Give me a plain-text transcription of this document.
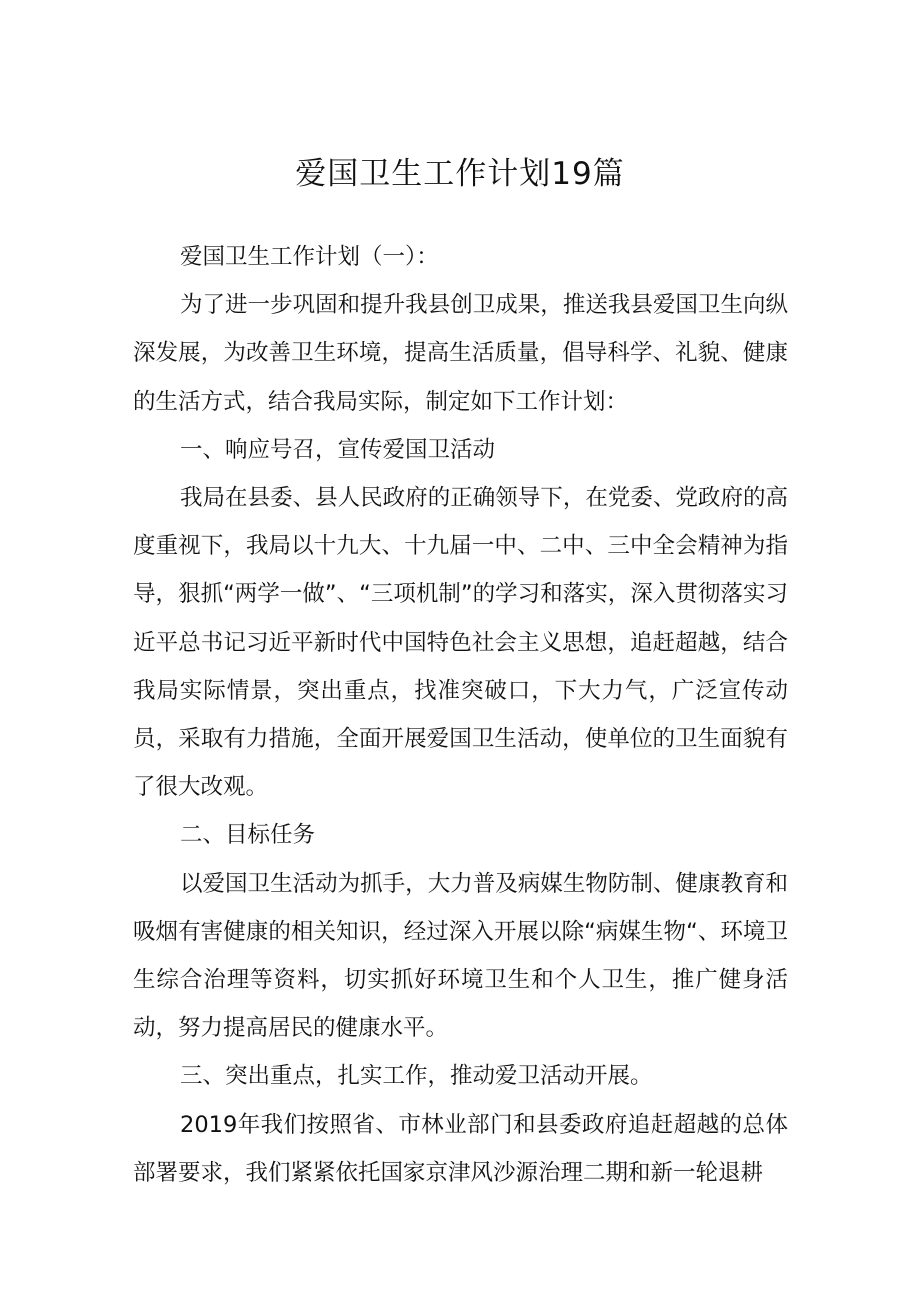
爱国卫生工作计划19篇

爱国卫生工作计划（一）：

为了进一步巩固和提升我县创卫成果，推送我县爱国卫生向纵深发展，为改善卫生环境，提高生活质量，倡导科学、礼貌、健康的生活方式，结合我局实际，制定如下工作计划：

一、响应号召，宣传爱国卫活动

我局在县委、县人民政府的正确领导下，在党委、党政府的高度重视下，我局以十九大、十九届一中、二中、三中全会精神为指导，狠抓“两学一做”、“三项机制”的学习和落实，深入贯彻落实习近平总书记习近平新时代中国特色社会主义思想，追赶超越，结合我局实际情景，突出重点，找准突破口，下大力气，广泛宣传动员，采取有力措施，全面开展爱国卫生活动，使单位的卫生面貌有了很大改观。

二、目标任务

以爱国卫生活动为抓手，大力普及病媒生物防制、健康教育和吸烟有害健康的相关知识，经过深入开展以除“病媒生物“、环境卫生综合治理等资料，切实抓好环境卫生和个人卫生，推广健身活动，努力提高居民的健康水平。

三、突出重点，扎实工作，推动爱卫活动开展。

2019年我们按照省、市林业部门和县委政府追赶超越的总体部署要求，我们紧紧依托国家京津风沙源治理二期和新一轮退耕
